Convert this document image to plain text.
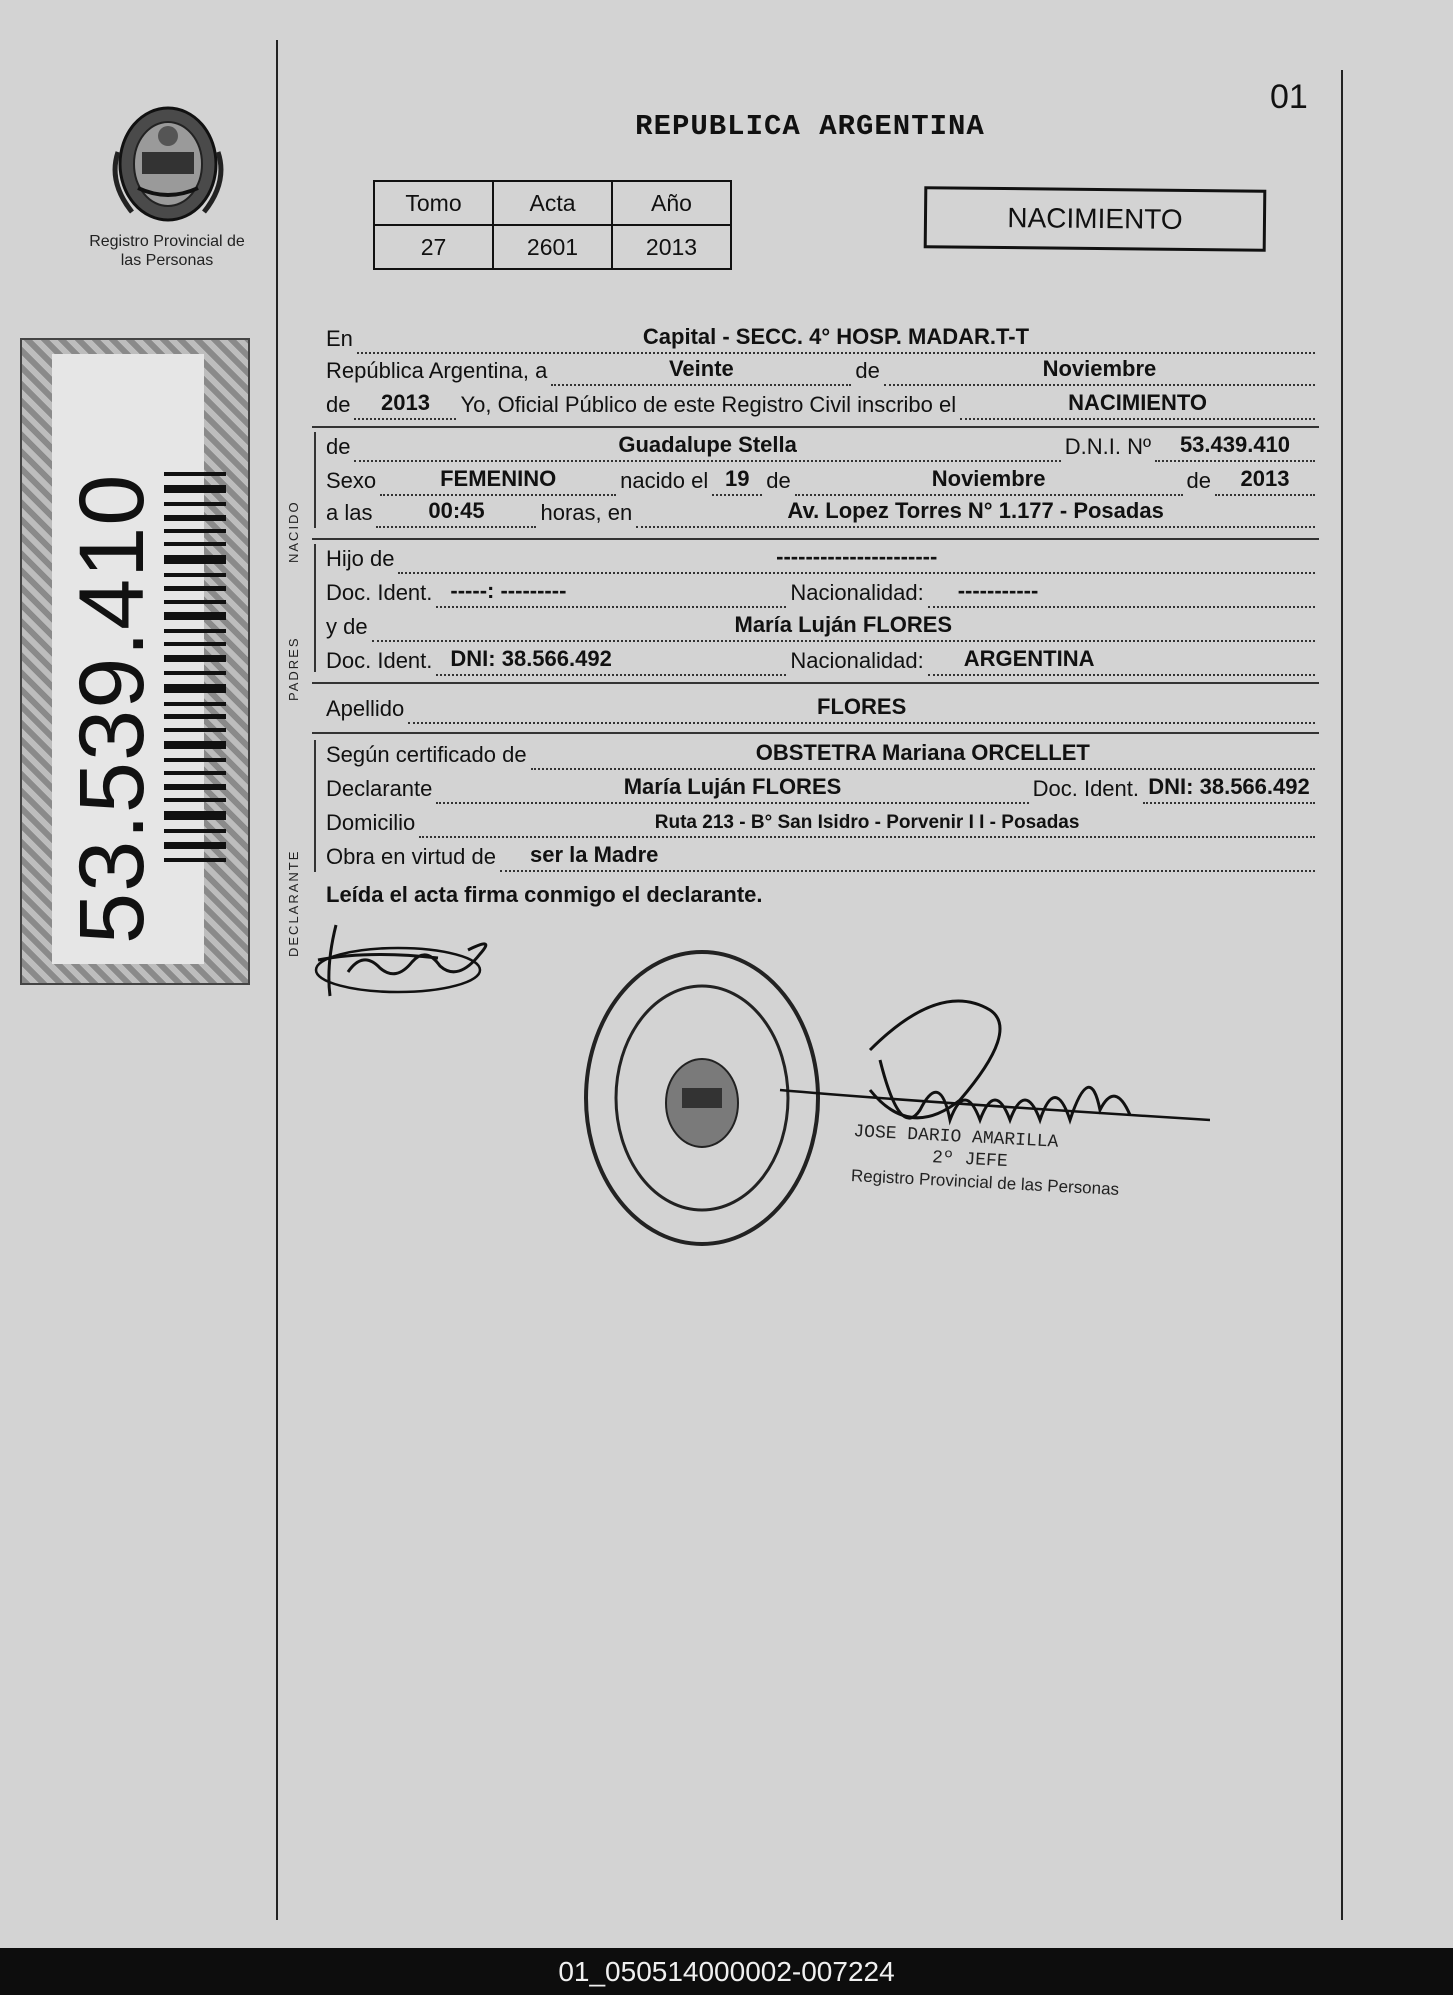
Registro Provincial de las Personas
53.539.410
01
REPUBLICA ARGENTINA
Tomo	Acta	Año
27	2601	2013
NACIMIENTO
En	Capital - SECC. 4° HOSP. MADAR.T-T
República Argentina, a	Veinte	de	Noviembre
de	2013	Yo, Oficial Público de este Registro Civil inscribo el	NACIMIENTO
NACIDO
de	Guadalupe Stella	D.N.I. Nº	53.439.410
Sexo	FEMENINO	nacido el 19 de	Noviembre	de	2013
a las	00:45	horas, en	Av. Lopez Torres N° 1.177 - Posadas
PADRES
Hijo de	----------------------
Doc. Ident. -----: ---------	Nacionalidad:	-----------
y de	María Luján FLORES
Doc. Ident. DNI: 38.566.492	Nacionalidad:	ARGENTINA
Apellido	FLORES
DECLARANTE
Según certificado de	OBSTETRA Mariana ORCELLET
Declarante	María Luján FLORES	Doc. Ident. DNI: 38.566.492
Domicilio	Ruta 213 - B° San Isidro - Porvenir I I - Posadas
Obra en virtud de	ser la Madre
Leída el acta firma conmigo el declarante.
JOSE DARIO AMARILLA
2º JEFE
Registro Provincial de las Personas
01_050514000002-007224
